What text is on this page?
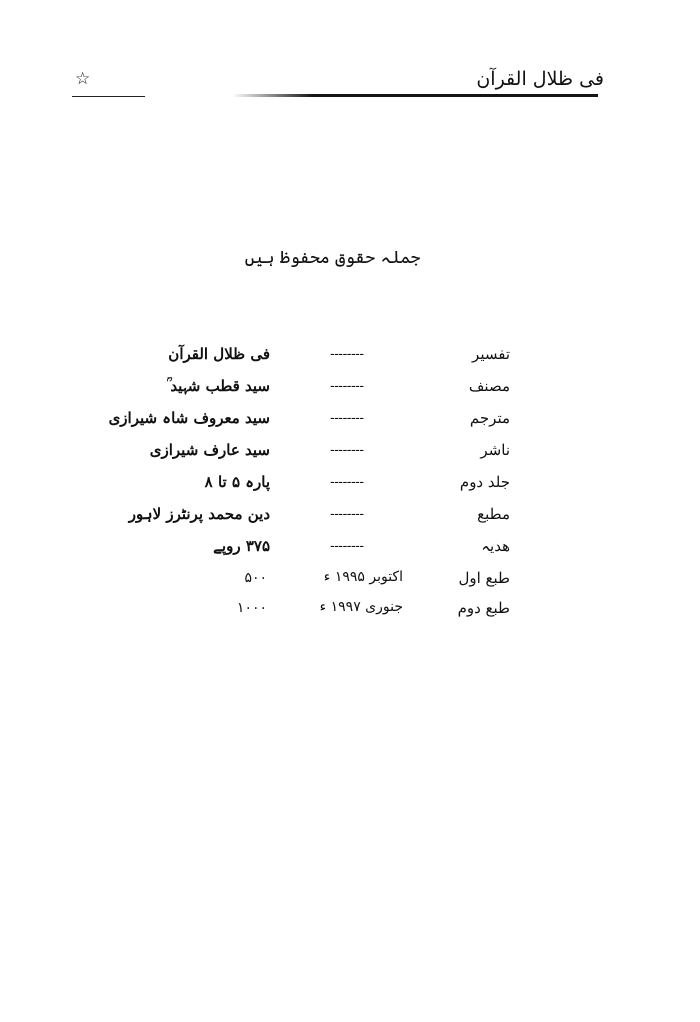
فی ظلال القرآن
☆
جملہ حقوق محفوظ ہیں
تفسیر
--------
فی ظلال القرآن
مصنف
--------
سید قطب شہید ؒ
مترجم
--------
سید معروف شاہ شیرازی
ناشر
--------
سید عارف شیرازی
جلد دوم
--------
پارہ ۵ تا ۸
مطبع
--------
دین محمد پرنٹرز لاہور
ھدیہ
--------
۳۷۵ روپے
طبع اول
اکتوبر ۱۹۹۵ ء
۵۰۰
طبع دوم
جنوری ۱۹۹۷ ء
۱۰۰۰
